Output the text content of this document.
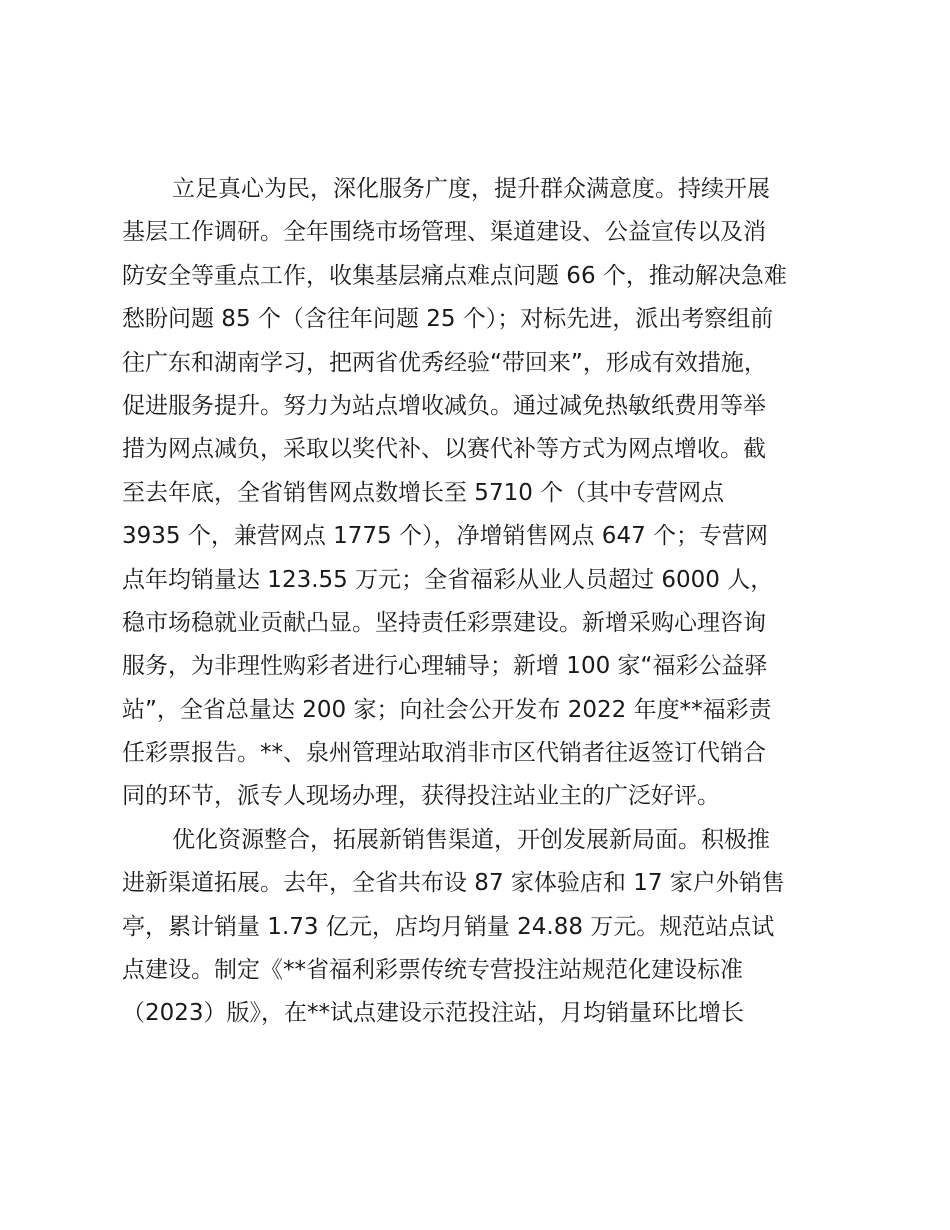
立足真心为民，深化服务广度，提升群众满意度。持续开展
基层工作调研。全年围绕市场管理、渠道建设、公益宣传以及消
防安全等重点工作，收集基层痛点难点问题 66 个，推动解决急难
愁盼问题 85 个（含往年问题 25 个）；对标先进，派出考察组前
往广东和湖南学习，把两省优秀经验“带回来”，形成有效措施，
促进服务提升。努力为站点增收减负。通过减免热敏纸费用等举
措为网点减负，采取以奖代补、以赛代补等方式为网点增收。截
至去年底，全省销售网点数增长至 5710 个（其中专营网点
3935 个，兼营网点 1775 个），净增销售网点 647 个；专营网
点年均销量达 123.55 万元；全省福彩从业人员超过 6000 人，
稳市场稳就业贡献凸显。坚持责任彩票建设。新增采购心理咨询
服务，为非理性购彩者进行心理辅导；新增 100 家“福彩公益驿
站”，全省总量达 200 家；向社会公开发布 2022 年度**福彩责
任彩票报告。**、泉州管理站取消非市区代销者往返签订代销合
同的环节，派专人现场办理，获得投注站业主的广泛好评。
优化资源整合，拓展新销售渠道，开创发展新局面。积极推
进新渠道拓展。去年，全省共布设 87 家体验店和 17 家户外销售
亭，累计销量 1.73 亿元，店均月销量 24.88 万元。规范站点试
点建设。制定《**省福利彩票传统专营投注站规范化建设标准
（2023）版》，在**试点建设示范投注站，月均销量环比增长
